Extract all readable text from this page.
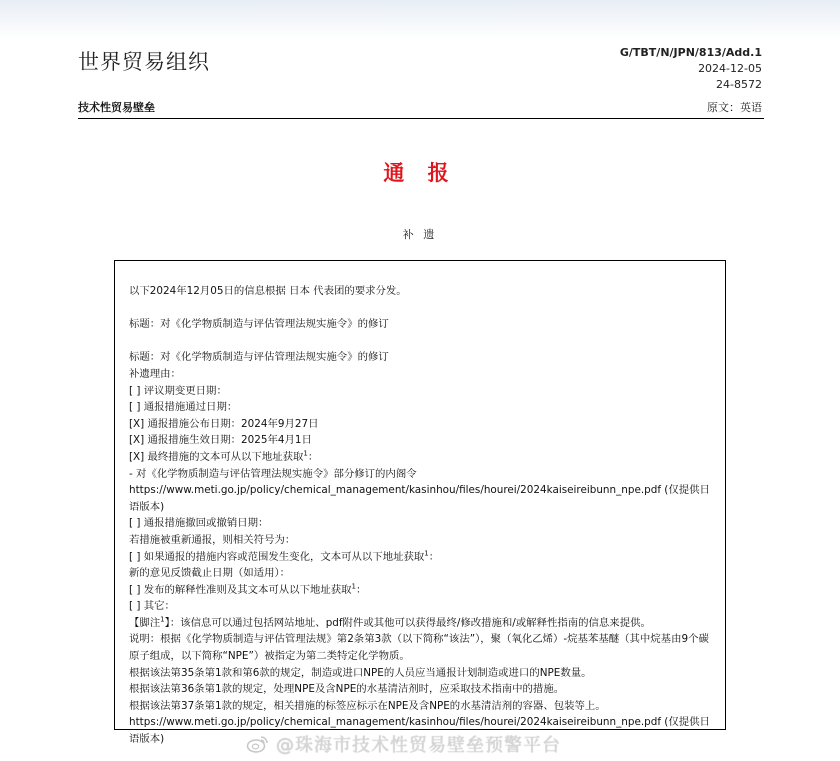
世界贸易组织	G/TBT/N/JPN/813/Add.1
2024-12-05
24-8572
技术性贸易壁垒	原文：英语
通 报
补 遗

以下2024年12月05日的信息根据 日本 代表团的要求分发。

标题：对《化学物质制造与评估管理法规实施令》的修订

标题：对《化学物质制造与评估管理法规实施令》的修订

补遗理由：

[ ] 评议期变更日期：

[ ] 通报措施通过日期：

[X] 通报措施公布日期：2024年9月27日

[X] 通报措施生效日期：2025年4月1日

[X] 最终措施的文本可从以下地址获取$^1$：

- 对《化学物质制造与评估管理法规实施令》部分修订的内阁令

https://www.meti.go.jp/policy/chemical_management/kasinhou/files/hourei/2024kaiseireibunn_npe.pdf (仅提供日语版本)

[ ] 通报措施撤回或撤销日期：

若措施被重新通报，则相关符号为：

[ ] 如果通报的措施内容或范围发生变化，文本可从以下地址获取$^1$：

新的意见反馈截止日期（如适用）：

[ ] 发布的解释性准则及其文本可从以下地址获取$^1$：

[ ] 其它：

【脚注$^1$】：该信息可以通过包括网站地址、pdf附件或其他可以获得最终/修改措施和/或解释性指南的信息来提供。

说明：根据《化学物质制造与评估管理法规》第2条第3款（以下简称“该法”），聚（氧化乙烯）-烷基苯基醚（其中烷基由9个碳原子组成，以下简称“NPE”）被指定为第二类特定化学物质。

根据该法第35条第1款和第6款的规定，制造或进口NPE的人员应当通报计划制造或进口的NPE数量。

根据该法第36条第1款的规定，处理NPE及含NPE的水基清洁剂时，应采取技术指南中的措施。

根据该法第37条第1款的规定，相关措施的标签应标示在NPE及含NPE的水基清洁剂的容器、包装等上。

https://www.meti.go.jp/policy/chemical_management/kasinhou/files/hourei/2024kaiseireibunn_npe.pdf (仅提供日语版本)	@珠海市技术性贸易壁垒预警平台
